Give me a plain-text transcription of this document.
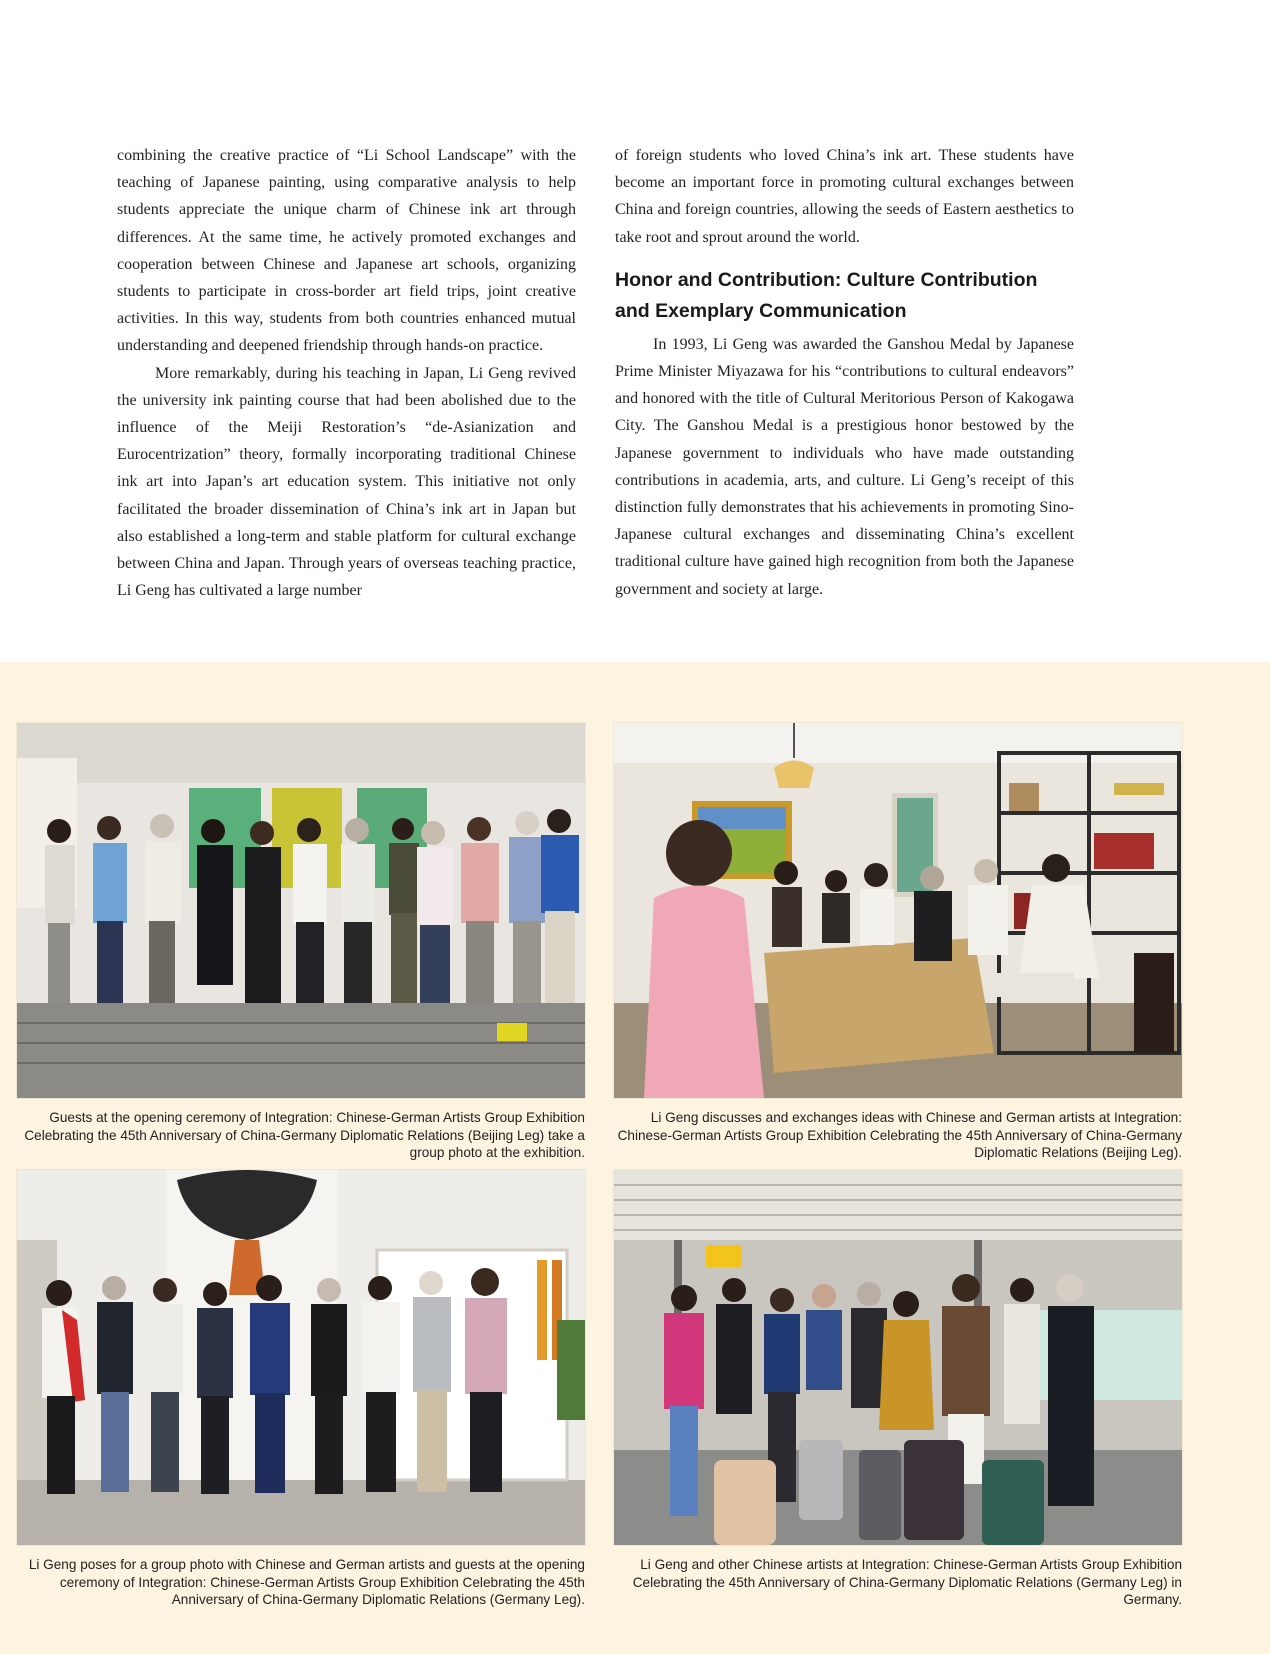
combining the creative practice of “Li School Landscape” with the teaching of Japanese painting, using comparative analysis to help students appreciate the unique charm of Chinese ink art through differences. At the same time, he actively promoted exchanges and cooperation between Chinese and Japanese art schools, organizing students to participate in cross-border art field trips, joint creative activities. In this way, students from both countries enhanced mutual understanding and deepened friendship through hands-on practice.

More remarkably, during his teaching in Japan, Li Geng revived the university ink painting course that had been abolished due to the influence of the Meiji Restoration’s “de-Asianization and Eurocentrization” theory, formally incorporating traditional Chinese ink art into Japan’s art education system. This initiative not only facilitated the broader dissemination of China’s ink art in Japan but also established a long-term and stable platform for cultural exchange between China and Japan. Through years of overseas teaching practice, Li Geng has cultivated a large number

of foreign students who loved China’s ink art. These students have become an important force in promoting cultural exchanges between China and foreign countries, allowing the seeds of Eastern aesthetics to take root and sprout around the world.

Honor and Contribution: Culture Contribution and Exemplary Communication

In 1993, Li Geng was awarded the Ganshou Medal by Japanese Prime Minister Miyazawa for his “contributions to cultural endeavors” and honored with the title of Cultural Meritorious Person of Kakogawa City. The Ganshou Medal is a prestigious honor bestowed by the Japanese government to individuals who have made outstanding contributions in academia, arts, and culture. Li Geng’s receipt of this distinction fully demonstrates that his achievements in promoting Sino-Japanese cultural exchanges and disseminating China’s excellent traditional culture have gained high recognition from both the Japanese government and society at large.

Guests at the opening ceremony of Integration: Chinese-German Artists Group Exhibition Celebrating the 45th Anniversary of China-Germany Diplomatic Relations (Beijing Leg) take a group photo at the exhibition.
Li Geng discusses and exchanges ideas with Chinese and German artists at Integration: Chinese-German Artists Group Exhibition Celebrating the 45th Anniversary of China-Germany Diplomatic Relations (Beijing Leg).
Li Geng poses for a group photo with Chinese and German artists and guests at the opening ceremony of Integration: Chinese-German Artists Group Exhibition Celebrating the 45th Anniversary of China-Germany Diplomatic Relations (Germany Leg).
Li Geng and other Chinese artists at Integration: Chinese-German Artists Group Exhibition Celebrating the 45th Anniversary of China-Germany Diplomatic Relations (Germany Leg) in Germany.
